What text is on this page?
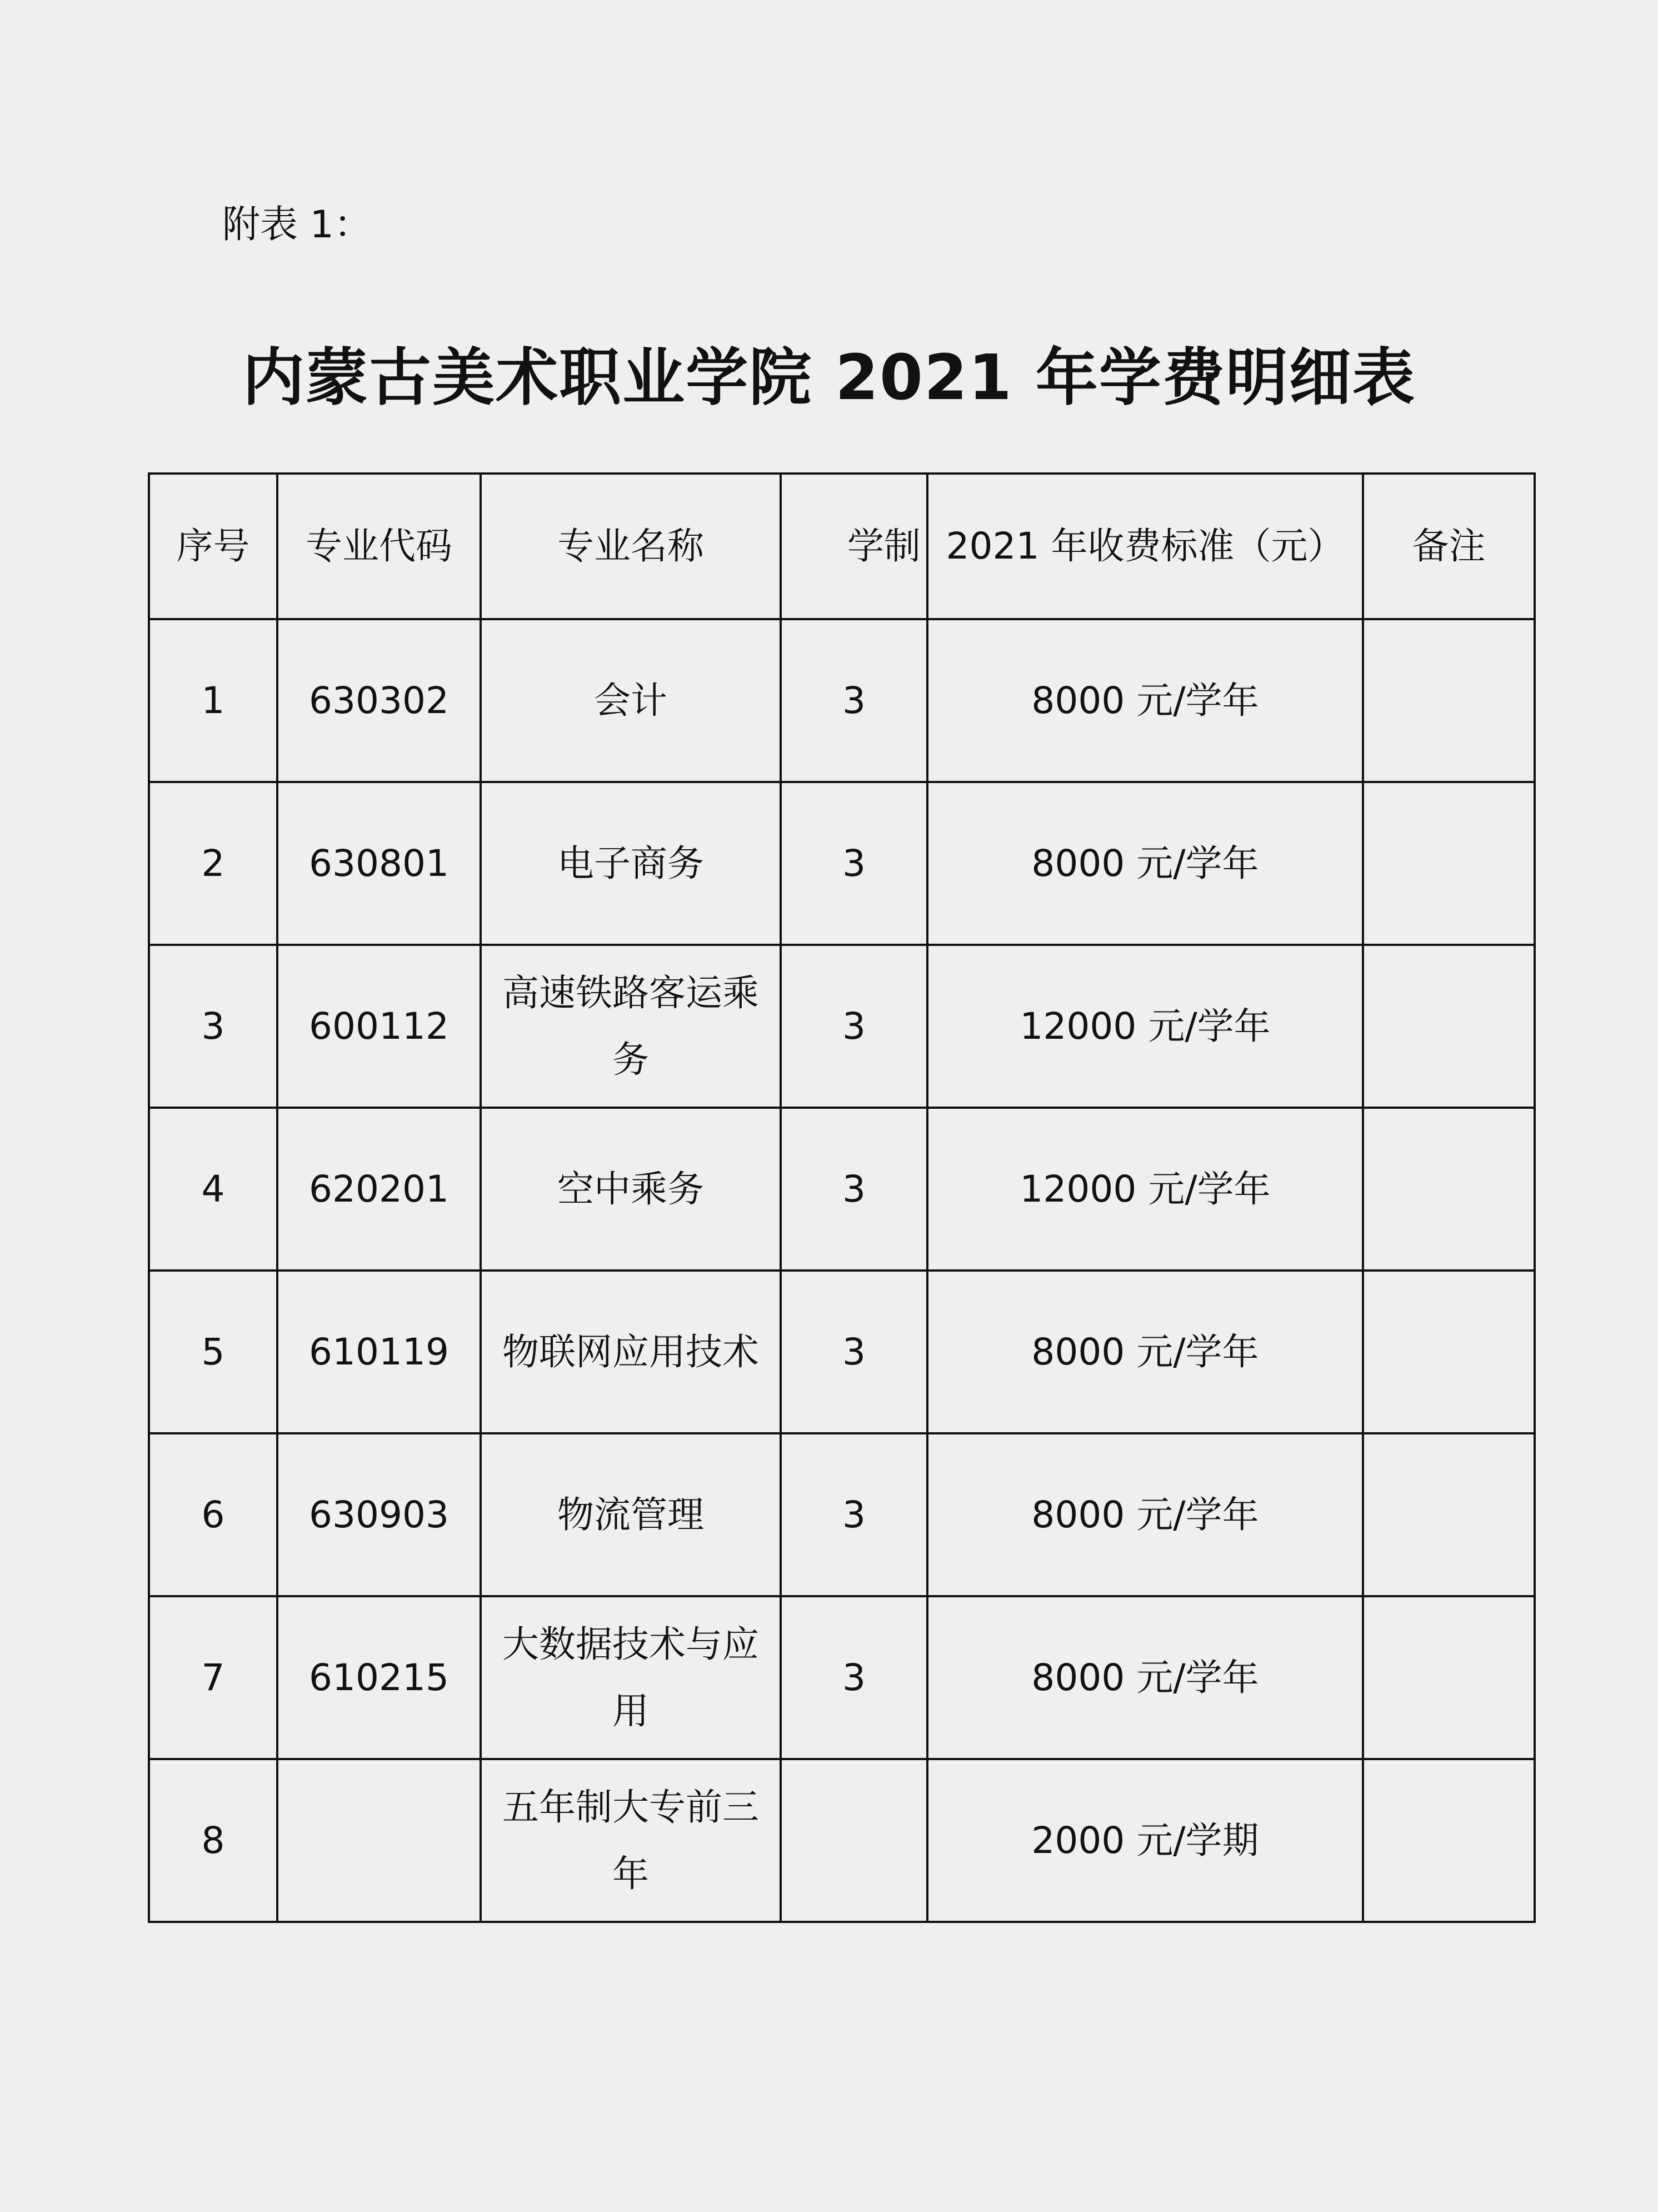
附表 1：
内蒙古美术职业学院 2021 年学费明细表
序号	专业代码	专业名称	学制	2021 年收费标准（元）	备注
1	630302	会计	3	8000 元/学年	
2	630801	电子商务	3	8000 元/学年	
3	600112	高速铁路客运乘务	3	12000 元/学年	
4	620201	空中乘务	3	12000 元/学年	
5	610119	物联网应用技术	3	8000 元/学年	
6	630903	物流管理	3	8000 元/学年	
7	610215	大数据技术与应用	3	8000 元/学年	
8		五年制大专前三年		2000 元/学期	
